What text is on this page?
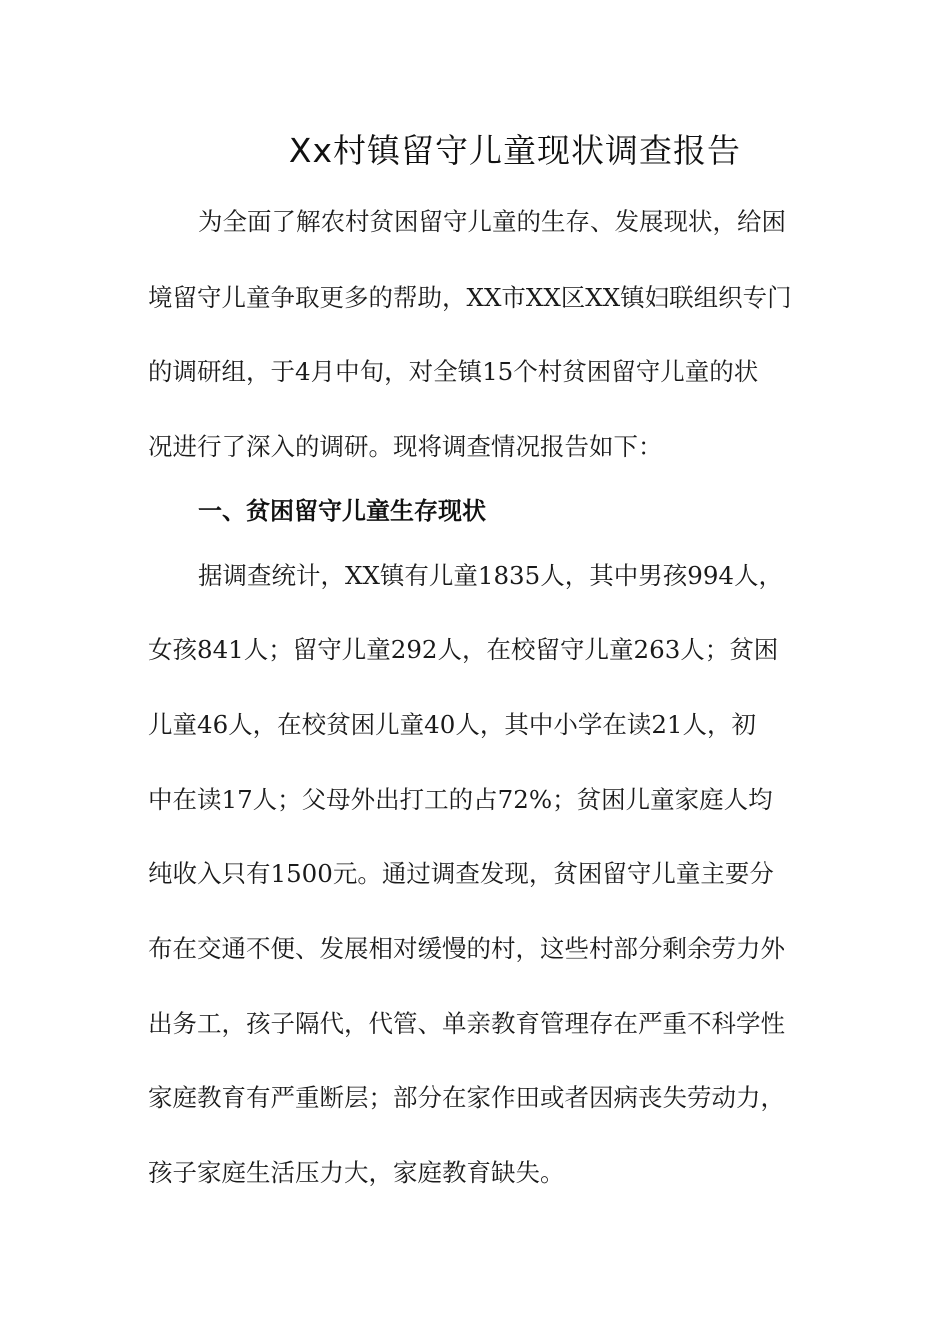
Xx村镇留守儿童现状调查报告
为全面了解农村贫困留守儿童的生存、发展现状，给困
境留守儿童争取更多的帮助，XX市XX区XX镇妇联组织专门
的调研组，于4月中旬，对全镇15个村贫困留守儿童的状
况进行了深入的调研。现将调查情况报告如下：
一、贫困留守儿童生存现状
据调查统计，XX镇有儿童1835人，其中男孩994人，
女孩841人；留守儿童292人，在校留守儿童263人；贫困
儿童46人，在校贫困儿童40人，其中小学在读21人，初
中在读17人；父母外出打工的占72%；贫困儿童家庭人均
纯收入只有1500元。通过调查发现，贫困留守儿童主要分
布在交通不便、发展相对缓慢的村，这些村部分剩余劳力外
出务工，孩子隔代，代管、单亲教育管理存在严重不科学性
家庭教育有严重断层；部分在家作田或者因病丧失劳动力，
孩子家庭生活压力大，家庭教育缺失。
